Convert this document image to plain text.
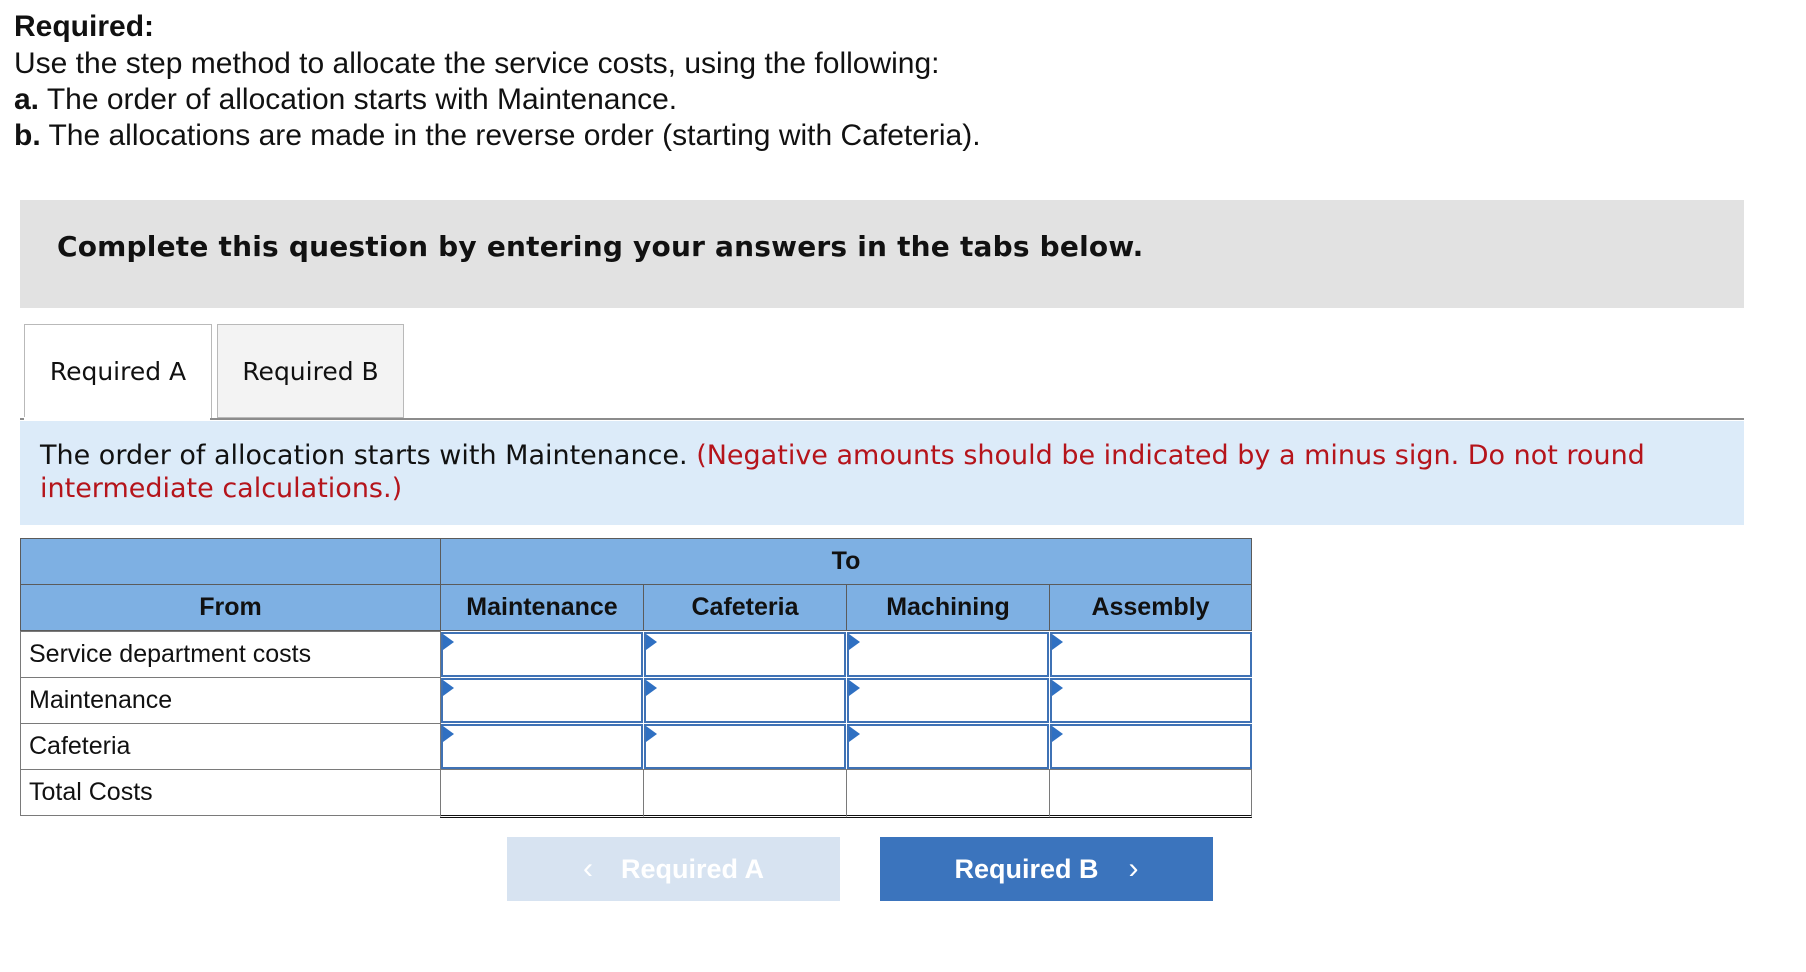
Required:
Use the step method to allocate the service costs, using the following:
a. The order of allocation starts with Maintenance.
b. The allocations are made in the reverse order (starting with Cafeteria).
Complete this question by entering your answers in the tabs below.
Required A Required B
The order of allocation starts with Maintenance. (Negative amounts should be indicated by a minus sign. Do not round intermediate calculations.)
To
From	Maintenance	Cafeteria	Machining	Assembly
Service department costs
Maintenance
Cafeteria
Total Costs
‹ Required A	Required B ›
